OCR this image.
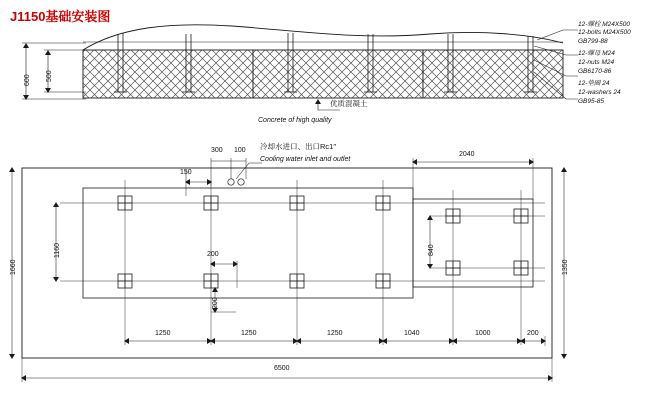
J1150基础安装图
600 500
优质混凝土
Concrete of high quality
12-蜾栓 M24X500
12-bolts M24X500
GB799-88
12-蜾母 M24
12-nuts M24
GB6170-86
12-垫圈 24
12-washers 24
GB95-85
冷却水进口、出口Rc1″
Cooling water inlet and outlet
300 100
2040
150
200
200
1660
1160
1350
840
1250	1250	1250	1040	1000	200
6500
